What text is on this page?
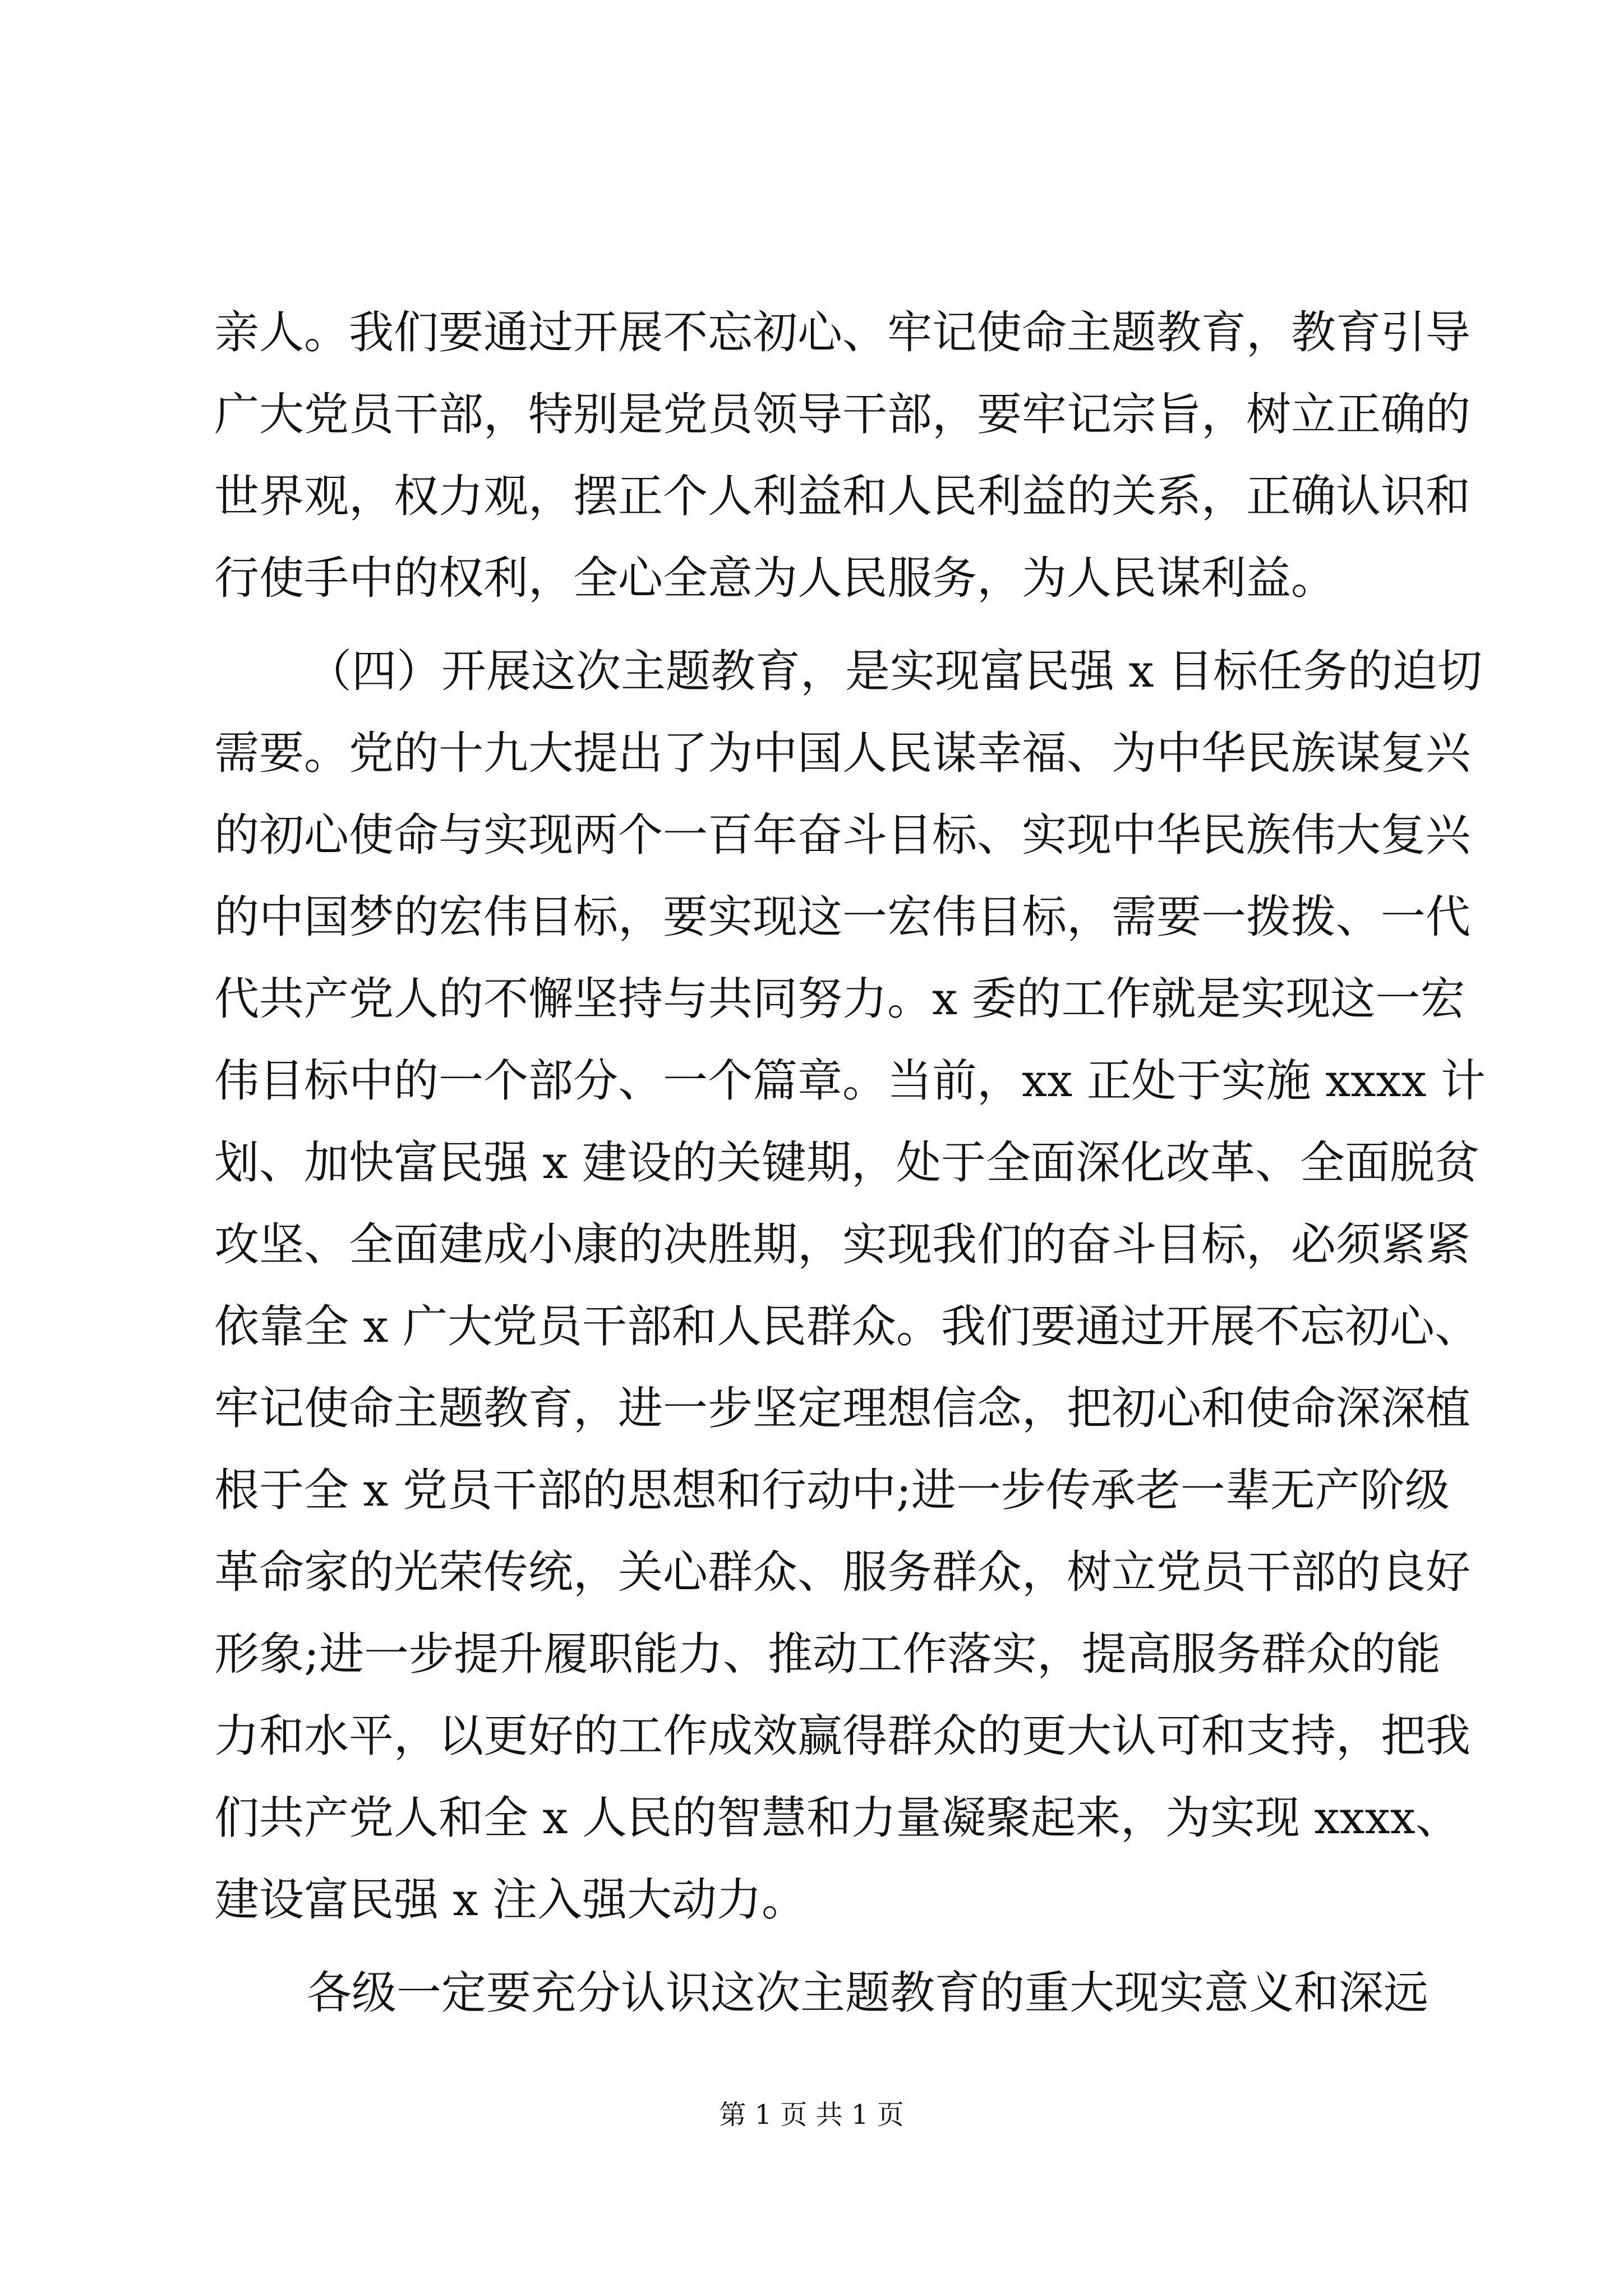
亲人。我们要通过开展不忘初心、牢记使命主题教育，教育引导
广大党员干部，特别是党员领导干部，要牢记宗旨，树立正确的
世界观，权力观，摆正个人利益和人民利益的关系，正确认识和
行使手中的权利，全心全意为人民服务，为人民谋利益。
（四）开展这次主题教育，是实现富民强 x 目标任务的迫切
需要。党的十九大提出了为中国人民谋幸福、为中华民族谋复兴
的初心使命与实现两个一百年奋斗目标、实现中华民族伟大复兴
的中国梦的宏伟目标，要实现这一宏伟目标，需要一拨拨、一代
代共产党人的不懈坚持与共同努力。x 委的工作就是实现这一宏
伟目标中的一个部分、一个篇章。当前，xx 正处于实施 xxxx 计
划、加快富民强 x 建设的关键期，处于全面深化改革、全面脱贫
攻坚、全面建成小康的决胜期，实现我们的奋斗目标，必须紧紧
依靠全 x 广大党员干部和人民群众。我们要通过开展不忘初心、
牢记使命主题教育，进一步坚定理想信念，把初心和使命深深植
根于全 x 党员干部的思想和行动中;进一步传承老一辈无产阶级
革命家的光荣传统，关心群众、服务群众，树立党员干部的良好
形象;进一步提升履职能力、推动工作落实，提高服务群众的能
力和水平，以更好的工作成效赢得群众的更大认可和支持，把我
们共产党人和全 x 人民的智慧和力量凝聚起来，为实现 xxxx、
建设富民强 x 注入强大动力。
各级一定要充分认识这次主题教育的重大现实意义和深远
第 1 页 共 1 页
